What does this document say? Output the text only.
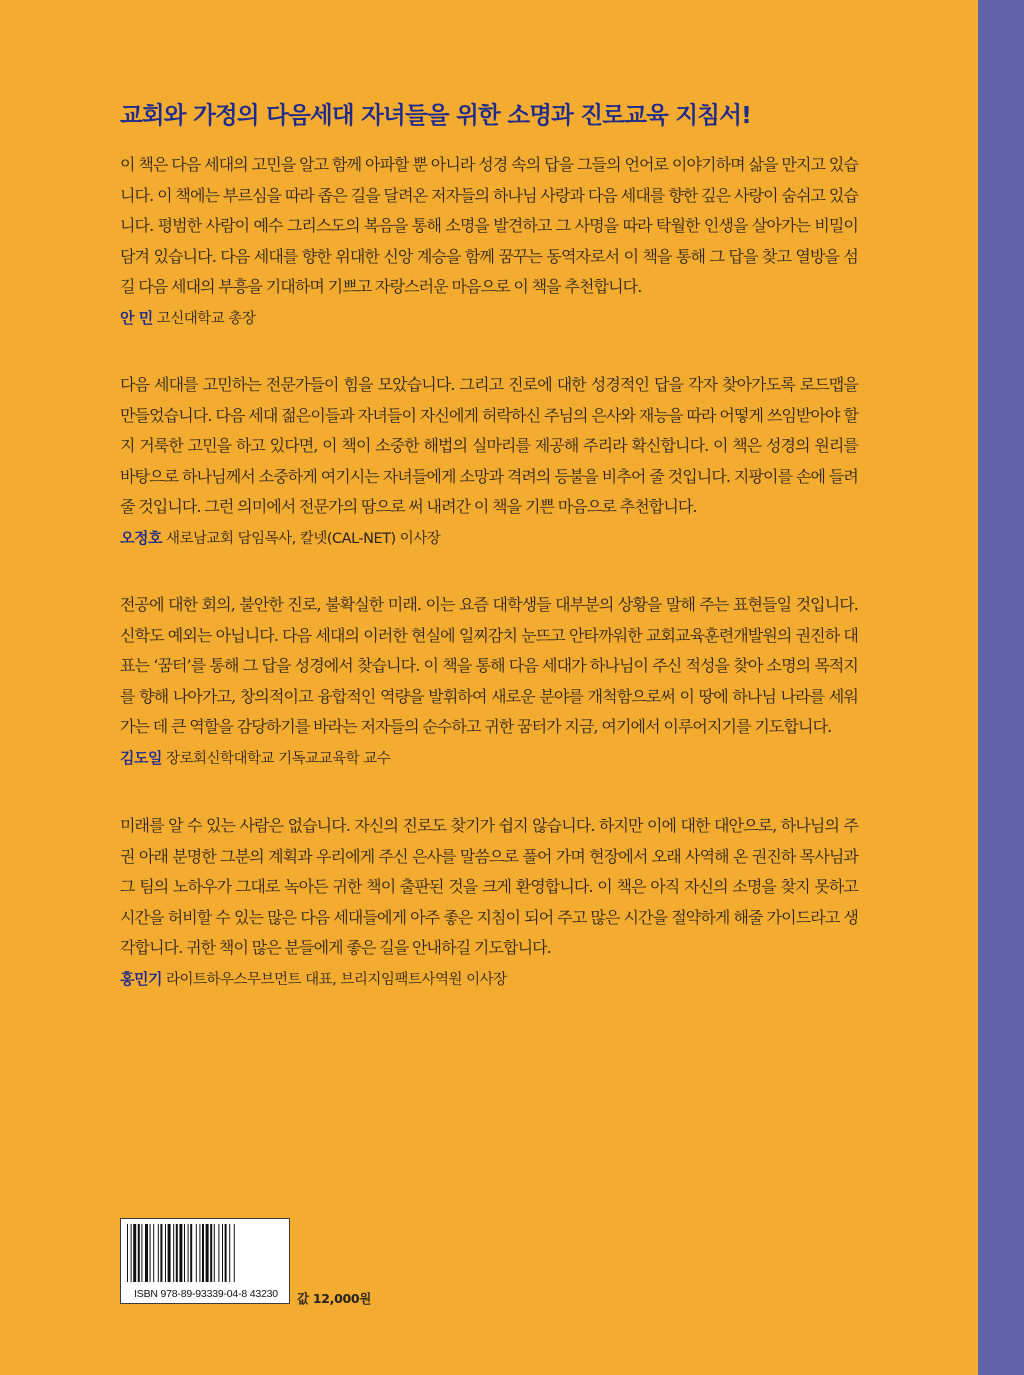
교회와 가정의 다음세대 자녀들을 위한 소명과 진로교육 지침서!

이 책은 다음 세대의 고민을 알고 함께 아파할 뿐 아니라 성경 속의 답을 그들의 언어로 이야기하며 삶을 만지고 있습니다. 이 책에는 부르심을 따라 좁은 길을 달려온 저자들의 하나님 사랑과 다음 세대를 향한 깊은 사랑이 숨쉬고 있습니다. 평범한 사람이 예수 그리스도의 복음을 통해 소명을 발견하고 그 사명을 따라 탁월한 인생을 살아가는 비밀이 담겨 있습니다. 다음 세대를 향한 위대한 신앙 계승을 함께 꿈꾸는 동역자로서 이 책을 통해 그 답을 찾고 열방을 섬길 다음 세대의 부흥을 기대하며 기쁘고 자랑스러운 마음으로 이 책을 추천합니다.

안 민 고신대학교 총장

다음 세대를 고민하는 전문가들이 힘을 모았습니다. 그리고 진로에 대한 성경적인 답을 각자 찾아가도록 로드맵을 만들었습니다. 다음 세대 젊은이들과 자녀들이 자신에게 허락하신 주님의 은사와 재능을 따라 어떻게 쓰임받아야 할지 거룩한 고민을 하고 있다면, 이 책이 소중한 해법의 실마리를 제공해 주리라 확신합니다. 이 책은 성경의 원리를 바탕으로 하나님께서 소중하게 여기시는 자녀들에게 소망과 격려의 등불을 비추어 줄 것입니다. 지팡이를 손에 들려 줄 것입니다. 그런 의미에서 전문가의 땀으로 써 내려간 이 책을 기쁜 마음으로 추천합니다.

오정호 새로남교회 담임목사, 칼넷(CAL-NET) 이사장

전공에 대한 회의, 불안한 진로, 불확실한 미래. 이는 요즘 대학생들 대부분의 상황을 말해 주는 표현들일 것입니다. 신학도 예외는 아닙니다. 다음 세대의 이러한 현실에 일찌감치 눈뜨고 안타까워한 교회교육훈련개발원의 권진하 대표는 ‘꿈터’를 통해 그 답을 성경에서 찾습니다. 이 책을 통해 다음 세대가 하나님이 주신 적성을 찾아 소명의 목적지를 향해 나아가고, 창의적이고 융합적인 역량을 발휘하여 새로운 분야를 개척함으로써 이 땅에 하나님 나라를 세워 가는 데 큰 역할을 감당하기를 바라는 저자들의 순수하고 귀한 꿈터가 지금, 여기에서 이루어지기를 기도합니다.

김도일 장로회신학대학교 기독교교육학 교수

미래를 알 수 있는 사람은 없습니다. 자신의 진로도 찾기가 쉽지 않습니다. 하지만 이에 대한 대안으로, 하나님의 주권 아래 분명한 그분의 계획과 우리에게 주신 은사를 말씀으로 풀어 가며 현장에서 오래 사역해 온 권진하 목사님과 그 팀의 노하우가 그대로 녹아든 귀한 책이 출판된 것을 크게 환영합니다. 이 책은 아직 자신의 소명을 찾지 못하고 시간을 허비할 수 있는 많은 다음 세대들에게 아주 좋은 지침이 되어 주고 많은 시간을 절약하게 해줄 가이드라고 생각합니다. 귀한 책이 많은 분들에게 좋은 길을 안내하길 기도합니다.

홍민기 라이트하우스무브먼트 대표, 브리지임팩트사역원 이사장
ISBN 978-89-93339-04-8 43230	값 12,000원
